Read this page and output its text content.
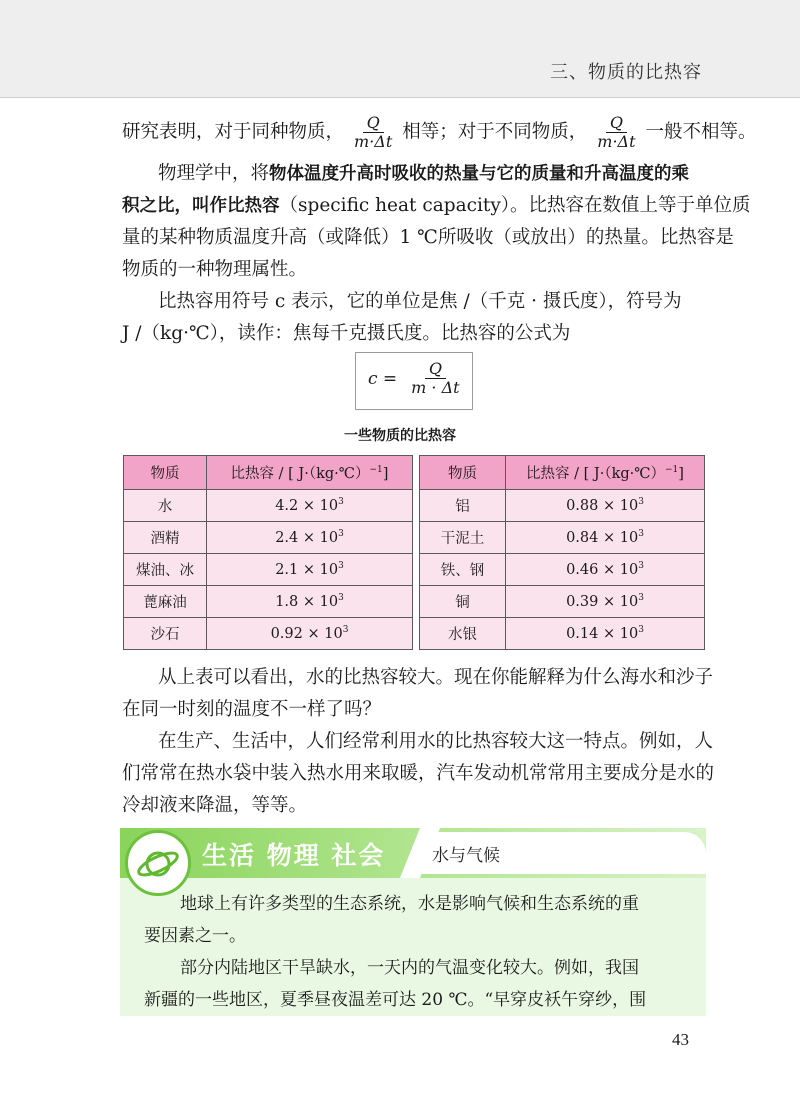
三、物质的比热容
研究表明，对于同种物质， $\frac{Q}{m\cdot\Delta t}$ 相等；对于不同物质， $\frac{Q}{m\cdot\Delta t}$ 一般不相等。
物理学中，将物体温度升高时吸收的热量与它的质量和升高温度的乘
积之比，叫作比热容（specific heat capacity）。比热容在数值上等于单位质
量的某种物质温度升高（或降低）1 ℃所吸收（或放出）的热量。比热容是
物质的一种物理属性。
比热容用符号 c 表示，它的单位是焦 /（千克 · 摄氏度），符号为
J /（kg·℃），读作：焦每千克摄氏度。比热容的公式为
$c = \frac{Q}{m \cdot \Delta t}$
一些物质的比热容
物质	比热容 / [ J·（kg·℃）$^{-1}$]		物质	比热容 / [ J·（kg·℃）$^{-1}$]
水	$4.2 \times 10^3$		铝	$0.88 \times 10^3$
酒精	$2.4 \times 10^3$		干泥土	$0.84 \times 10^3$
煤油、冰	$2.1 \times 10^3$		铁、钢	$0.46 \times 10^3$
蓖麻油	$1.8 \times 10^3$		铜	$0.39 \times 10^3$
沙石	$0.92 \times 10^3$		水银	$0.14 \times 10^3$
从上表可以看出，水的比热容较大。现在你能解释为什么海水和沙子
在同一时刻的温度不一样了吗？
在生产、生活中，人们经常利用水的比热容较大这一特点。例如，人
们常常在热水袋中装入热水用来取暖，汽车发动机常常用主要成分是水的
冷却液来降温，等等。
生活 物理 社会	水与气候
地球上有许多类型的生态系统，水是影响气候和生态系统的重
要因素之一。
部分内陆地区干旱缺水，一天内的气温变化较大。例如，我国
新疆的一些地区，夏季昼夜温差可达 20 ℃。“早穿皮袄午穿纱，围
43
